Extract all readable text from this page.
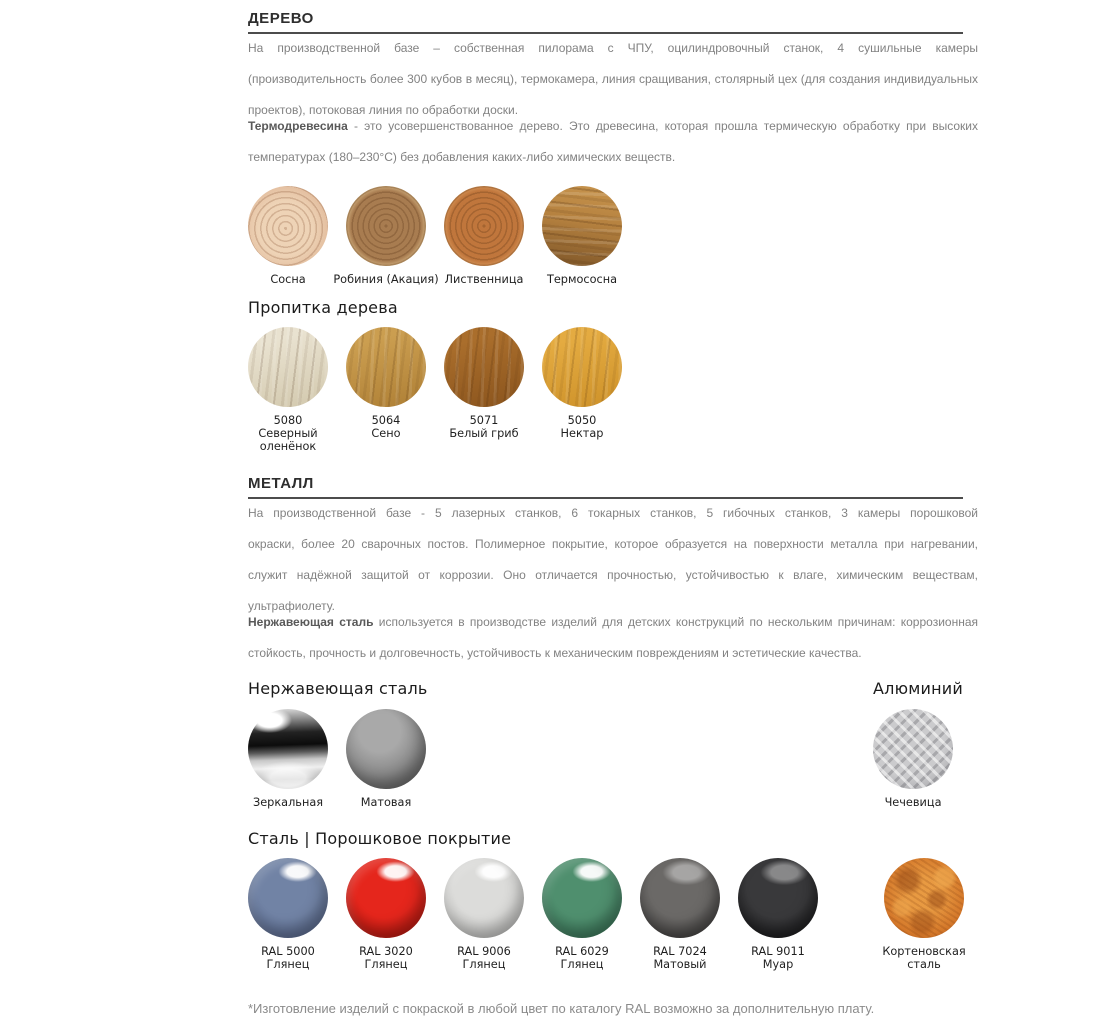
ДЕРЕВО
На производственной базе – собственная пилорама с ЧПУ, оцилиндровочный станок, 4 сушильные камеры
(производительность более 300 кубов в месяц), термокамера, линия сращивания, столярный цех (для создания индивидуальных
проектов), потоковая линия по обработки доски.
Термодревесина - это усовершенствованное дерево. Это древесина, которая прошла термическую обработку при высоких
температурах (180–230°С) без добавления каких-либо химических веществ.
Сосна Робиния (Акация) Лиственница Термососна
Пропитка дерева
5080
Северный оленёнок
5064
Сено
5071
Белый гриб
5050
Нектар
МЕТАЛЛ
На производственной базе - 5 лазерных станков, 6 токарных станков, 5 гибочных станков, 3 камеры порошковой
окраски, более 20 сварочных постов. Полимерное покрытие, которое образуется на поверхности металла при нагревании,
служит надёжной защитой от коррозии. Оно отличается прочностью, устойчивостью к влаге, химическим веществам,
ультрафиолету.
Нержавеющая сталь используется в производстве изделий для детских конструкций по нескольким причинам: коррозионная
стойкость, прочность и долговечность, устойчивость к механическим повреждениям и эстетические качества.
Нержавеющая сталь
Зеркальная	Матовая
Алюминий
Чечевица
Сталь | Порошковое покрытие
RAL 5000
Глянец
RAL 3020
Глянец
RAL 9006
Глянец
RAL 6029
Глянец
RAL 7024
Матовый
RAL 9011
Муар
Кортеновская сталь
*Изготовление изделий с покраской в любой цвет по каталогу RAL возможно за дополнительную плату.
